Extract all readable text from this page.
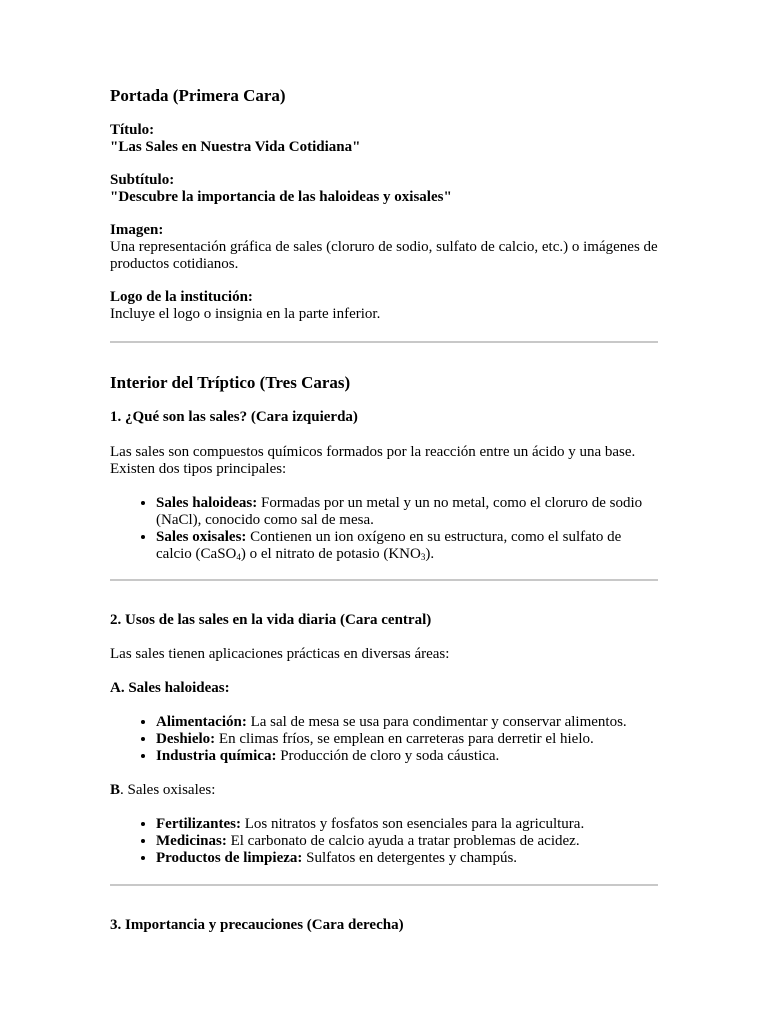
Portada (Primera Cara)

Título:

"Las Sales en Nuestra Vida Cotidiana"

Subtítulo:

"Descubre la importancia de las haloideas y oxisales"

Imagen:

Una representación gráfica de sales (cloruro de sodio, sulfato de calcio, etc.) o imágenes de productos cotidianos.

Logo de la institución:

Incluye el logo o insignia en la parte inferior.

Interior del Tríptico (Tres Caras)

1. ¿Qué son las sales? (Cara izquierda)

Las sales son compuestos químicos formados por la reacción entre un ácido y una base. Existen dos tipos principales:

• Sales haloideas: Formadas por un metal y un no metal, como el cloruro de sodio (NaCl), conocido como sal de mesa.
• Sales oxisales: Contienen un ion oxígeno en su estructura, como el sulfato de calcio (CaSO$_4$) o el nitrato de potasio $(KNO_3)$.

2. Usos de las sales en la vida diaria (Cara central)

Las sales tienen aplicaciones prácticas en diversas áreas:

A. Sales haloideas:

• Alimentación: La sal de mesa se usa para condimentar y conservar alimentos.
• Deshielo: En climas fríos, se emplean en carreteras para derretir el hielo.
• Industria química: Producción de cloro y soda cáustica.

B. Sales oxisales:

• Fertilizantes: Los nitratos y fosfatos son esenciales para la agricultura.
• Medicinas: El carbonato de calcio ayuda a tratar problemas de acidez.
• Productos de limpieza: Sulfatos en detergentes y champús.

3. Importancia y precauciones (Cara derecha)
